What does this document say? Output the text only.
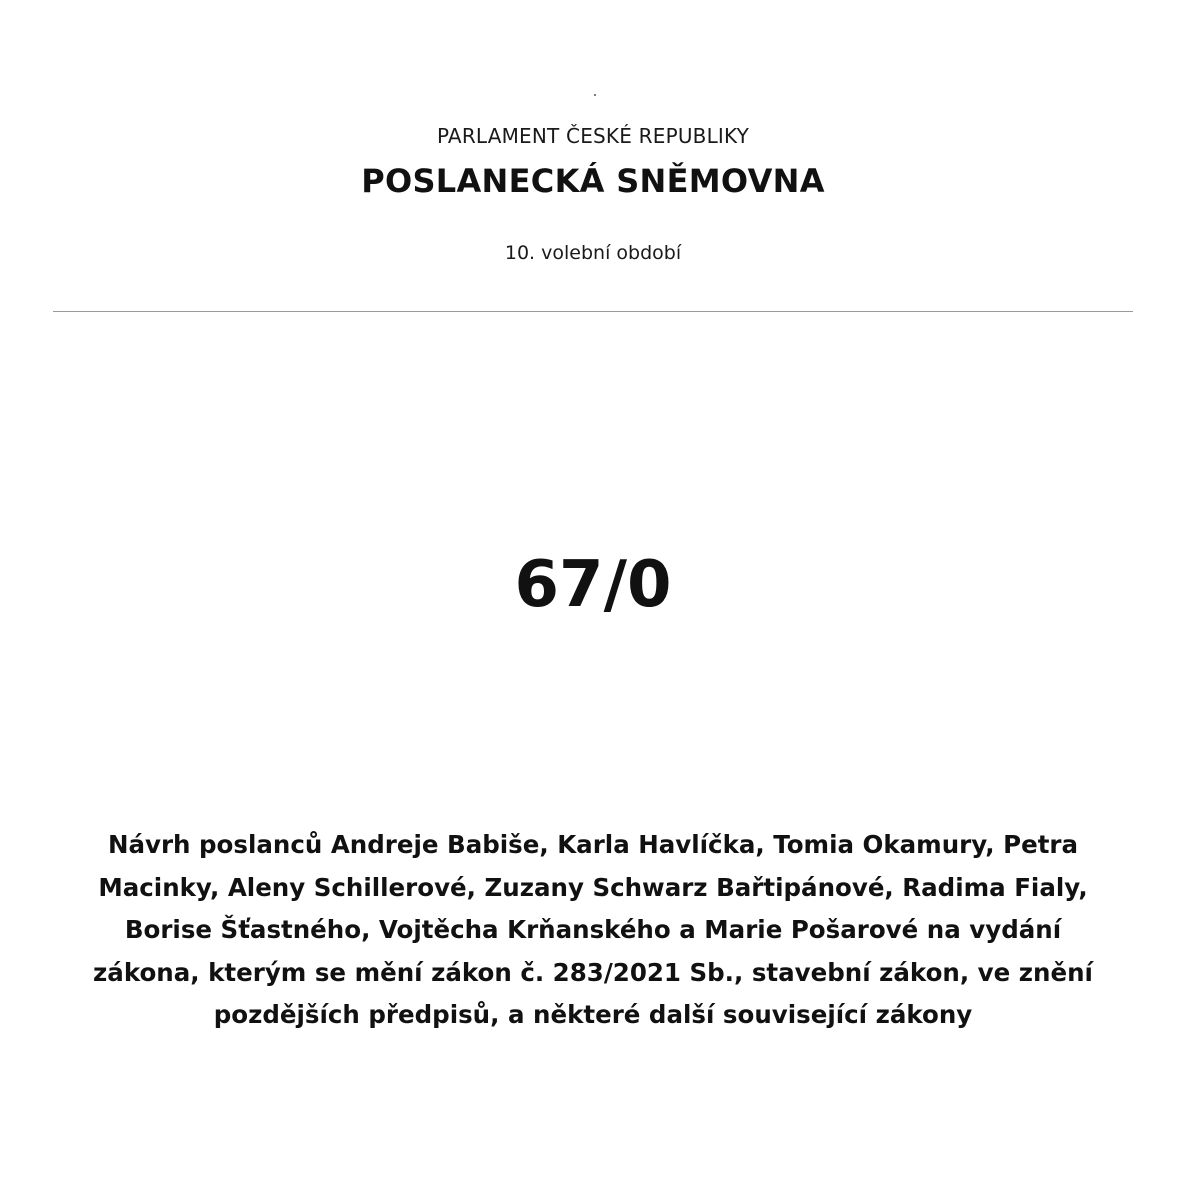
PARLAMENT ČESKÉ REPUBLIKY
POSLANECKÁ SNĚMOVNA
10. volební období
67/0
Návrh poslanců Andreje Babiše, Karla Havlíčka, Tomia Okamury, Petra
Macinky, Aleny Schillerové, Zuzany Schwarz Bařtipánové, Radima Fialy,
Borise Šťastného, Vojtěcha Krňanského a Marie Pošarové na vydání
zákona, kterým se mění zákon č. 283/2021 Sb., stavební zákon, ve znění
pozdějších předpisů, a některé další související zákony
